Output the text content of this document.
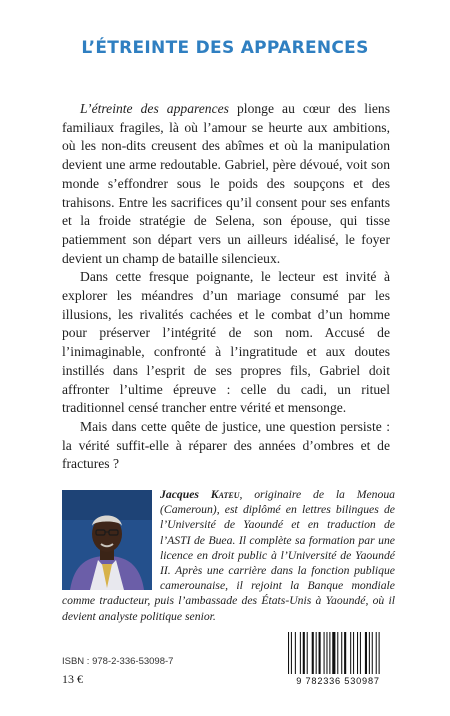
L’ÉTREINTE DES APPARENCES

L’étreinte des apparences plonge au cœur des liens familiaux fragiles, là où l’amour se heurte aux ambitions, où les non-dits creusent des abîmes et où la manipulation devient une arme redoutable. Gabriel, père dévoué, voit son monde s’effondrer sous le poids des soupçons et des trahisons. Entre les sacrifices qu’il consent pour ses enfants et la froide stratégie de Selena, son épouse, qui tisse patiemment son départ vers un ailleurs idéalisé, le foyer devient un champ de bataille silencieux.

Dans cette fresque poignante, le lecteur est invité à explorer les méandres d’un mariage consumé par les illusions, les rivalités cachées et le combat d’un homme pour préserver l’intégrité de son nom. Accusé de l’inimaginable, confronté à l’ingratitude et aux doutes instillés dans l’esprit de ses propres fils, Gabriel doit affronter l’ultime épreuve : celle du cadi, un rituel traditionnel censé trancher entre vérité et mensonge.

Mais dans cette quête de justice, une question persiste : la vérité suffit-elle à réparer des années d’ombres et de fractures ?

Jacques Kateu, originaire de la Menoua (Cameroun), est diplômé en lettres bilingues de l’Université de Yaoundé et en traduction de l’ASTI de Buea. Il complète sa formation par une licence en droit public à l’Université de Yaoundé II. Après une carrière dans la fonction publique camerounaise, il rejoint la Banque mondiale comme traducteur, puis l’ambassade des États-Unis à Yaoundé, où il devient analyste politique senior.

ISBN : 978-2-336-53098-7
13 €	9 782336 530987
